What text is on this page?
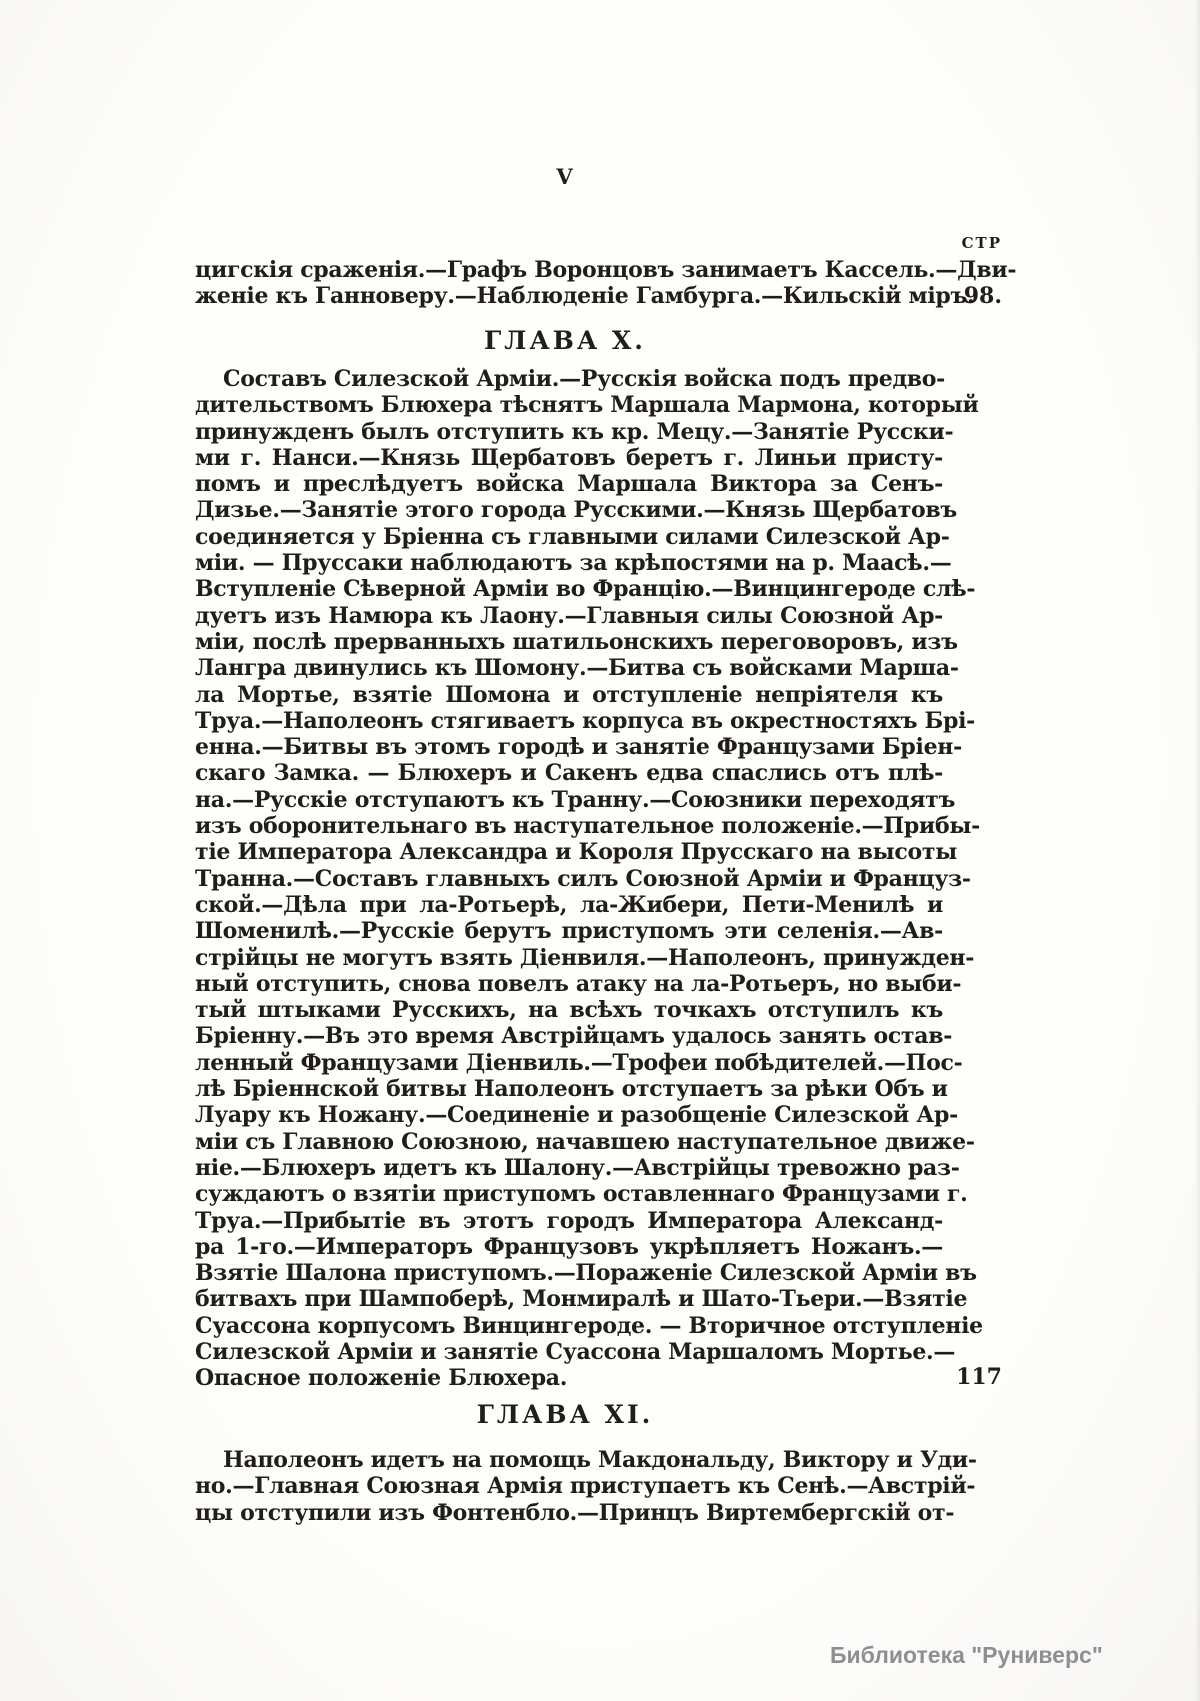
V
СТР
цигскія сраженія.—Графъ Воронцовъ занимаетъ Кассель.—Дви-
женіе къ Ганноверу.—Наблюденіе Гамбурга.—Кильскій міръ.
98.
ГЛАВА X.
Составъ Силезской Арміи.—Русскія войска подъ предво-
дительствомъ Блюхера тѣснятъ Маршала Мармона, который
принужденъ былъ отступить къ кр. Мецу.—Занятіе Русски-
ми г. Нанси.—Князь Щербатовъ беретъ г. Линьи присту-
помъ и преслѣдуетъ войска Маршала Виктора за Сенъ-
Дизье.—Занятіе этого города Русскими.—Князь Щербатовъ
соединяется у Бріенна съ главными силами Силезской Ар-
міи. — Пруссаки наблюдаютъ за крѣпостями на р. Маасѣ.—
Вступленіе Сѣверной Арміи во Францію.—Винцингероде слѣ-
дуетъ изъ Намюра къ Лаону.—Главныя силы Союзной Ар-
міи, послѣ прерванныхъ шатильонскихъ переговоровъ, изъ
Лангра двинулись къ Шомону.—Битва съ войсками Марша-
ла Мортье, взятіе Шомона и отступленіе непріятеля къ
Труа.—Наполеонъ стягиваетъ корпуса въ окрестностяхъ Брі-
енна.—Битвы въ этомъ городѣ и занятіе Французами Бріен-
скаго Замка. — Блюхеръ и Сакенъ едва спаслись отъ плѣ-
на.—Русскіе отступаютъ къ Транну.—Союзники переходятъ
изъ оборонительнаго въ наступательное положеніе.—Прибы-
тіе Императора Александра и Короля Прусскаго на высоты
Транна.—Составъ главныхъ силъ Союзной Арміи и Француз-
ской.—Дѣла при ла-Ротьерѣ, ла-Жибери, Пети-Менилѣ и
Шоменилѣ.—Русскіе берутъ приступомъ эти селенія.—Ав-
стрійцы не могутъ взять Діенвиля.—Наполеонъ, принужден-
ный отступить, снова повелъ атаку на ла-Ротьеръ, но выби-
тый штыками Русскихъ, на всѣхъ точкахъ отступилъ къ
Бріенну.—Въ это время Австрійцамъ удалось занять остав-
ленный Французами Діенвиль.—Трофеи побѣдителей.—Пос-
лѣ Бріеннской битвы Наполеонъ отступаетъ за рѣки Объ и
Луару къ Ножану.—Соединеніе и разобщеніе Силезской Ар-
міи съ Главною Союзною, начавшею наступательное движе-
ніе.—Блюхеръ идетъ къ Шалону.—Австрійцы тревожно раз-
суждаютъ о взятіи приступомъ оставленнаго Французами г.
Труа.—Прибытіе въ этотъ городъ Императора Александ-
ра 1-го.—Императоръ Французовъ укрѣпляетъ Ножанъ.—
Взятіе Шалона приступомъ.—Пораженіе Силезской Арміи въ
битвахъ при Шампоберѣ, Монмиралѣ и Шато-Тьери.—Взятіе
Суассона корпусомъ Винцингероде. — Вторичное отступленіе
Силезской Арміи и занятіе Суассона Маршаломъ Мортье.—
Опасное положеніе Блюхера.	117
ГЛАВА XI.
Наполеонъ идетъ на помощь Макдональду, Виктору и Уди-
но.—Главная Союзная Армія приступаетъ къ Сенѣ.—Австрій-
цы отступили изъ Фонтенбло.—Принцъ Виртембергскій от-
Библиотека "Руниверс"
